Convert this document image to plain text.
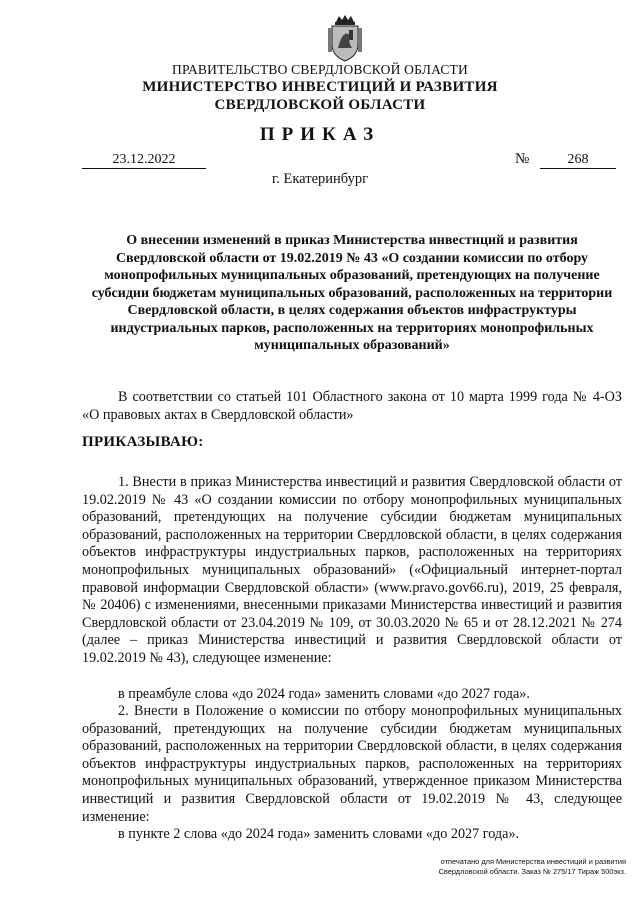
ПРАВИТЕЛЬСТВО СВЕРДЛОВСКОЙ ОБЛАСТИ
МИНИСТЕРСТВО ИНВЕСТИЦИЙ И РАЗВИТИЯ
СВЕРДЛОВСКОЙ ОБЛАСТИ
ПРИКАЗ
23.12.2022	№	268
г. Екатеринбург
О внесении изменений в приказ Министерства инвестиций и развития Свердловской области от 19.02.2019 № 43 «О создании комиссии по отбору монопрофильных муниципальных образований, претендующих на получение субсидии бюджетам муниципальных образований, расположенных на территории Свердловской области, в целях содержания объектов инфраструктуры индустриальных парков, расположенных на территориях монопрофильных муниципальных образований»

В соответствии со статьей 101 Областного закона от 10 марта 1999 года № 4-ОЗ «О правовых актах в Свердловской области»

ПРИКАЗЫВАЮ:

1. Внести в приказ Министерства инвестиций и развития Свердловской области от 19.02.2019 № 43 «О создании комиссии по отбору монопрофильных муниципальных образований, претендующих на получение субсидии бюджетам муниципальных образований, расположенных на территории Свердловской области, в целях содержания объектов инфраструктуры индустриальных парков, расположенных на территориях монопрофильных муниципальных образований» («Официальный интернет-портал правовой информации Свердловской области» (www.pravo.gov66.ru), 2019, 25 февраля, № 20406) с изменениями, внесенными приказами Министерства инвестиций и развития Свердловской области от 23.04.2019 № 109, от 30.03.2020 № 65 и от 28.12.2021 № 274 (далее – приказ Министерства инвестиций и развития Свердловской области от 19.02.2019 № 43), следующее изменение:

в преамбуле слова «до 2024 года» заменить словами «до 2027 года».

2. Внести в Положение о комиссии по отбору монопрофильных муниципальных образований, претендующих на получение субсидии бюджетам муниципальных образований, расположенных на территории Свердловской области, в целях содержания объектов инфраструктуры индустриальных парков, расположенных на территориях монопрофильных муниципальных образований, утвержденное приказом Министерства инвестиций и развития Свердловской области от 19.02.2019 № 43, следующее изменение:

в пункте 2 слова «до 2024 года» заменить словами «до 2027 года».

отпечатано для Министерства инвестиций и развития
Свердловской области. Заказ № 275/17 Тираж 500экз.
